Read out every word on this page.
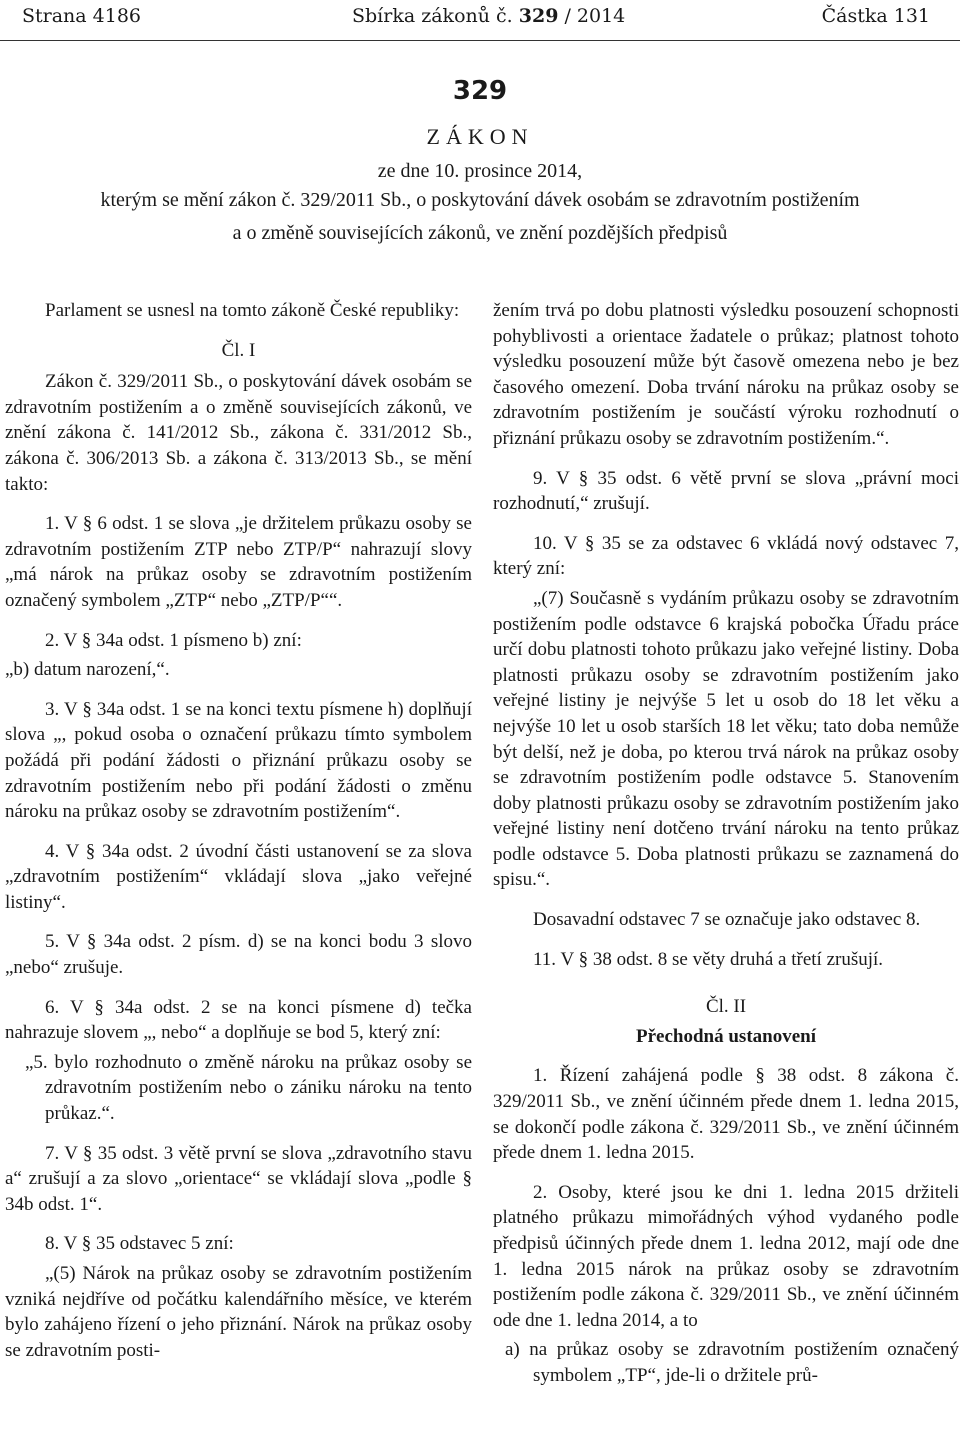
Strana 4186	Sbírka zákonů č. 329 / 2014	Částka 131
329
ZÁKON
ze dne 10. prosince 2014,
kterým se mění zákon č. 329/2011 Sb., o poskytování dávek osobám se zdravotním postižením
a o změně souvisejících zákonů, ve znění pozdějších předpisů

Parlament se usnesl na tomto zákoně České republiky:

Čl. I

Zákon č. 329/2011 Sb., o poskytování dávek osobám se zdravotním postižením a o změně souvisejících zákonů, ve znění zákona č. 141/2012 Sb., zákona č. 331/2012 Sb., zákona č. 306/2013 Sb. a zákona č. 313/2013 Sb., se mění takto:

1. V § 6 odst. 1 se slova „je držitelem průkazu osoby se zdravotním postižením ZTP nebo ZTP/P“ nahrazují slovy „má nárok na průkaz osoby se zdravotním postižením označený symbolem „ZTP“ nebo „ZTP/P““.

2. V § 34a odst. 1 písmeno b) zní:

„b) datum narození,“.

3. V § 34a odst. 1 se na konci textu písmene h) doplňují slova „, pokud osoba o označení průkazu tímto symbolem požádá při podání žádosti o přiznání průkazu osoby se zdravotním postižením nebo při podání žádosti o změnu nároku na průkaz osoby se zdravotním postižením“.

4. V § 34a odst. 2 úvodní části ustanovení se za slova „zdravotním postižením“ vkládají slova „jako veřejné listiny“.

5. V § 34a odst. 2 písm. d) se na konci bodu 3 slovo „nebo“ zrušuje.

6. V § 34a odst. 2 se na konci písmene d) tečka nahrazuje slovem „, nebo“ a doplňuje se bod 5, který zní:

„5. bylo rozhodnuto o změně nároku na průkaz osoby se zdravotním postižením nebo o zániku nároku na tento průkaz.“.

7. V § 35 odst. 3 větě první se slova „zdravotního stavu a“ zrušují a za slovo „orientace“ se vkládají slova „podle § 34b odst. 1“.

8. V § 35 odstavec 5 zní:

„(5) Nárok na průkaz osoby se zdravotním postižením vzniká nejdříve od počátku kalendářního měsíce, ve kterém bylo zahájeno řízení o jeho přiznání. Nárok na průkaz osoby se zdravotním posti-

žením trvá po dobu platnosti výsledku posouzení schopnosti pohyblivosti a orientace žadatele o průkaz; platnost tohoto výsledku posouzení může být časově omezena nebo je bez časového omezení. Doba trvání nároku na průkaz osoby se zdravotním postižením je součástí výroku rozhodnutí o přiznání průkazu osoby se zdravotním postižením.“.

9. V § 35 odst. 6 větě první se slova „právní moci rozhodnutí,“ zrušují.

10. V § 35 se za odstavec 6 vkládá nový odstavec 7, který zní:

„(7) Současně s vydáním průkazu osoby se zdravotním postižením podle odstavce 6 krajská pobočka Úřadu práce určí dobu platnosti tohoto průkazu jako veřejné listiny. Doba platnosti průkazu osoby se zdravotním postižením jako veřejné listiny je nejvýše 5 let u osob do 18 let věku a nejvýše 10 let u osob starších 18 let věku; tato doba nemůže být delší, než je doba, po kterou trvá nárok na průkaz osoby se zdravotním postižením podle odstavce 5. Stanovením doby platnosti průkazu osoby se zdravotním postižením jako veřejné listiny není dotčeno trvání nároku na tento průkaz podle odstavce 5. Doba platnosti průkazu se zaznamená do spisu.“.

Dosavadní odstavec 7 se označuje jako odstavec 8.

11. V § 38 odst. 8 se věty druhá a třetí zrušují.

Čl. II

Přechodná ustanovení

1. Řízení zahájená podle § 38 odst. 8 zákona č. 329/2011 Sb., ve znění účinném přede dnem 1. ledna 2015, se dokončí podle zákona č. 329/2011 Sb., ve znění účinném přede dnem 1. ledna 2015.

2. Osoby, které jsou ke dni 1. ledna 2015 držiteli platného průkazu mimořádných výhod vydaného podle předpisů účinných přede dnem 1. ledna 2012, mají ode dne 1. ledna 2015 nárok na průkaz osoby se zdravotním postižením podle zákona č. 329/2011 Sb., ve znění účinném ode dne 1. ledna 2014, a to

a) na průkaz osoby se zdravotním postižením označený symbolem „TP“, jde-li o držitele prů-
